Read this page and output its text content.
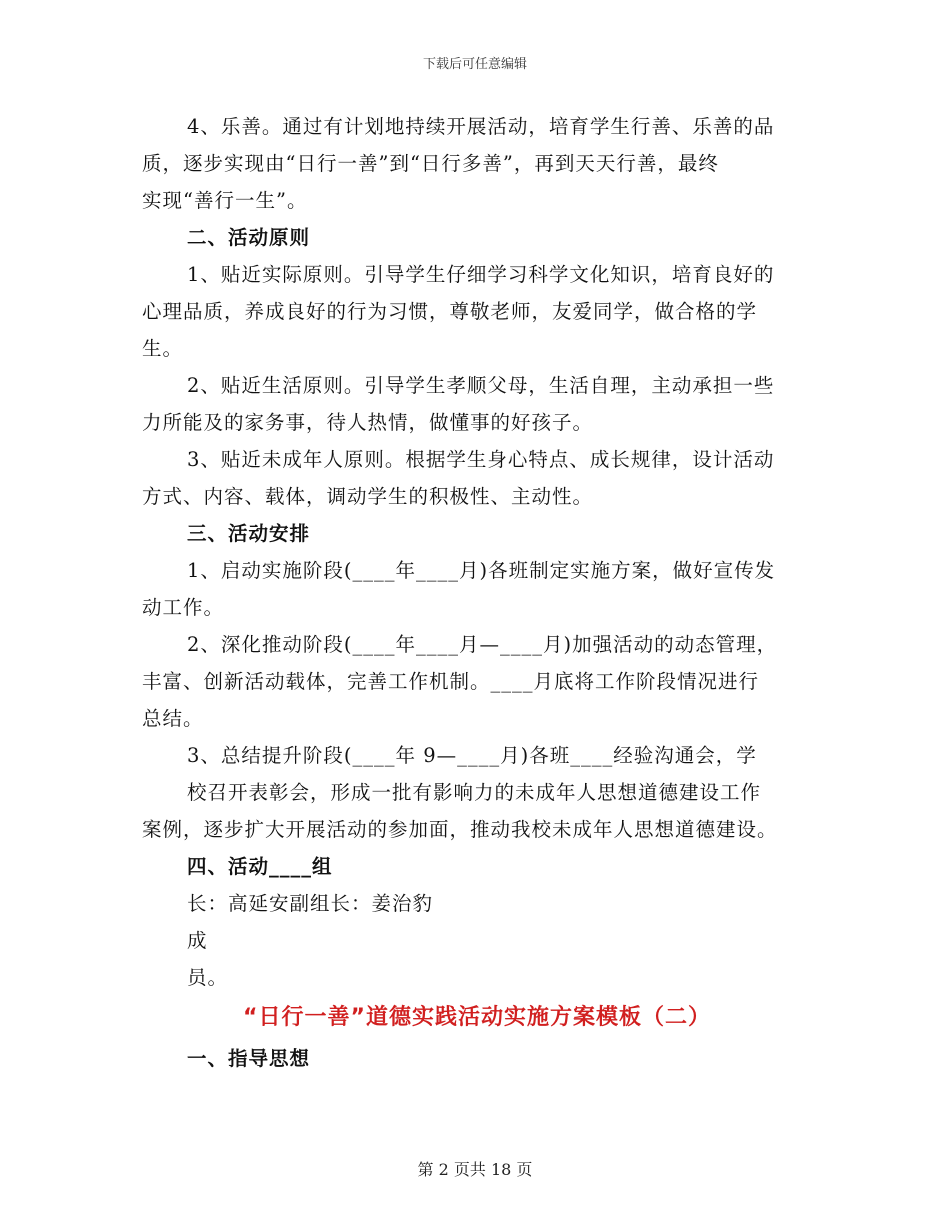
下载后可任意编辑
4、乐善。通过有计划地持续开展活动，培育学生行善、乐善的品
质，逐步实现由“日行一善”到“日行多善”，再到天天行善，最终
实现“善行一生”。
二、活动原则
1、贴近实际原则。引导学生仔细学习科学文化知识，培育良好的
心理品质，养成良好的行为习惯，尊敬老师，友爱同学，做合格的学
生。
2、贴近生活原则。引导学生孝顺父母，生活自理，主动承担一些
力所能及的家务事，待人热情，做懂事的好孩子。
3、贴近未成年人原则。根据学生身心特点、成长规律，设计活动
方式、内容、载体，调动学生的积极性、主动性。
三、活动安排
1、启动实施阶段(____年____月)各班制定实施方案，做好宣传发
动工作。
2、深化推动阶段(____年____月—____月)加强活动的动态管理，
丰富、创新活动载体，完善工作机制。____月底将工作阶段情况进行
总结。
3、总结提升阶段(____年 9—____月)各班____经验沟通会，学
校召开表彰会，形成一批有影响力的未成年人思想道德建设工作
案例，逐步扩大开展活动的参加面，推动我校未成年人思想道德建设。
四、活动____组
长：高延安副组长：姜治豹
成
员。
“日行一善”道德实践活动实施方案模板（二）
一、指导思想
第 2 页共 18 页
